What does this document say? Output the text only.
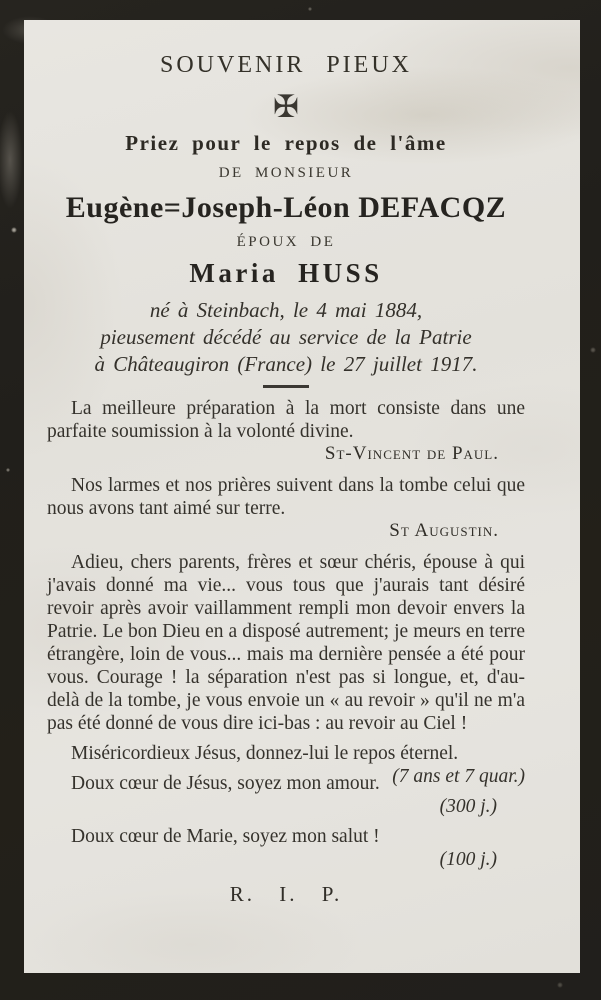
SOUVENIR PIEUX
✠

Priez pour le repos de l'âme

DE MONSIEUR

Eugène=Joseph-Léon DEFACQZ

ÉPOUX DE

Maria HUSS

né à Steinbach, le 4 mai 1884,

pieusement décédé au service de la Patrie

à Châteaugiron (France) le 27 juillet 1917.

La meilleure préparation à la mort consiste dans une parfaite soumission à la volonté divine.

St-Vincent de Paul.

Nos larmes et nos prières suivent dans la tombe celui que nous avons tant aimé sur terre.

St Augustin.

Adieu, chers parents, frères et sœur chéris, épouse à qui j'avais donné ma vie... vous tous que j'aurais tant désiré revoir après avoir vaillamment rempli mon devoir envers la Patrie. Le bon Dieu en a disposé autrement; je meurs en terre étrangère, loin de vous... mais ma dernière pensée a été pour vous. Courage ! la séparation n'est pas si longue, et, d'au-delà de la tombe, je vous envoie un « au revoir » qu'il ne m'a pas été donné de vous dire ici-bas : au revoir au Ciel !

Miséricordieux Jésus, donnez-lui le repos éternel.
(7 ans et 7 quar.)

Doux cœur de Jésus, soyez mon amour.

(300 j.)

Doux cœur de Marie, soyez mon salut !

(100 j.)

R. I. P.
